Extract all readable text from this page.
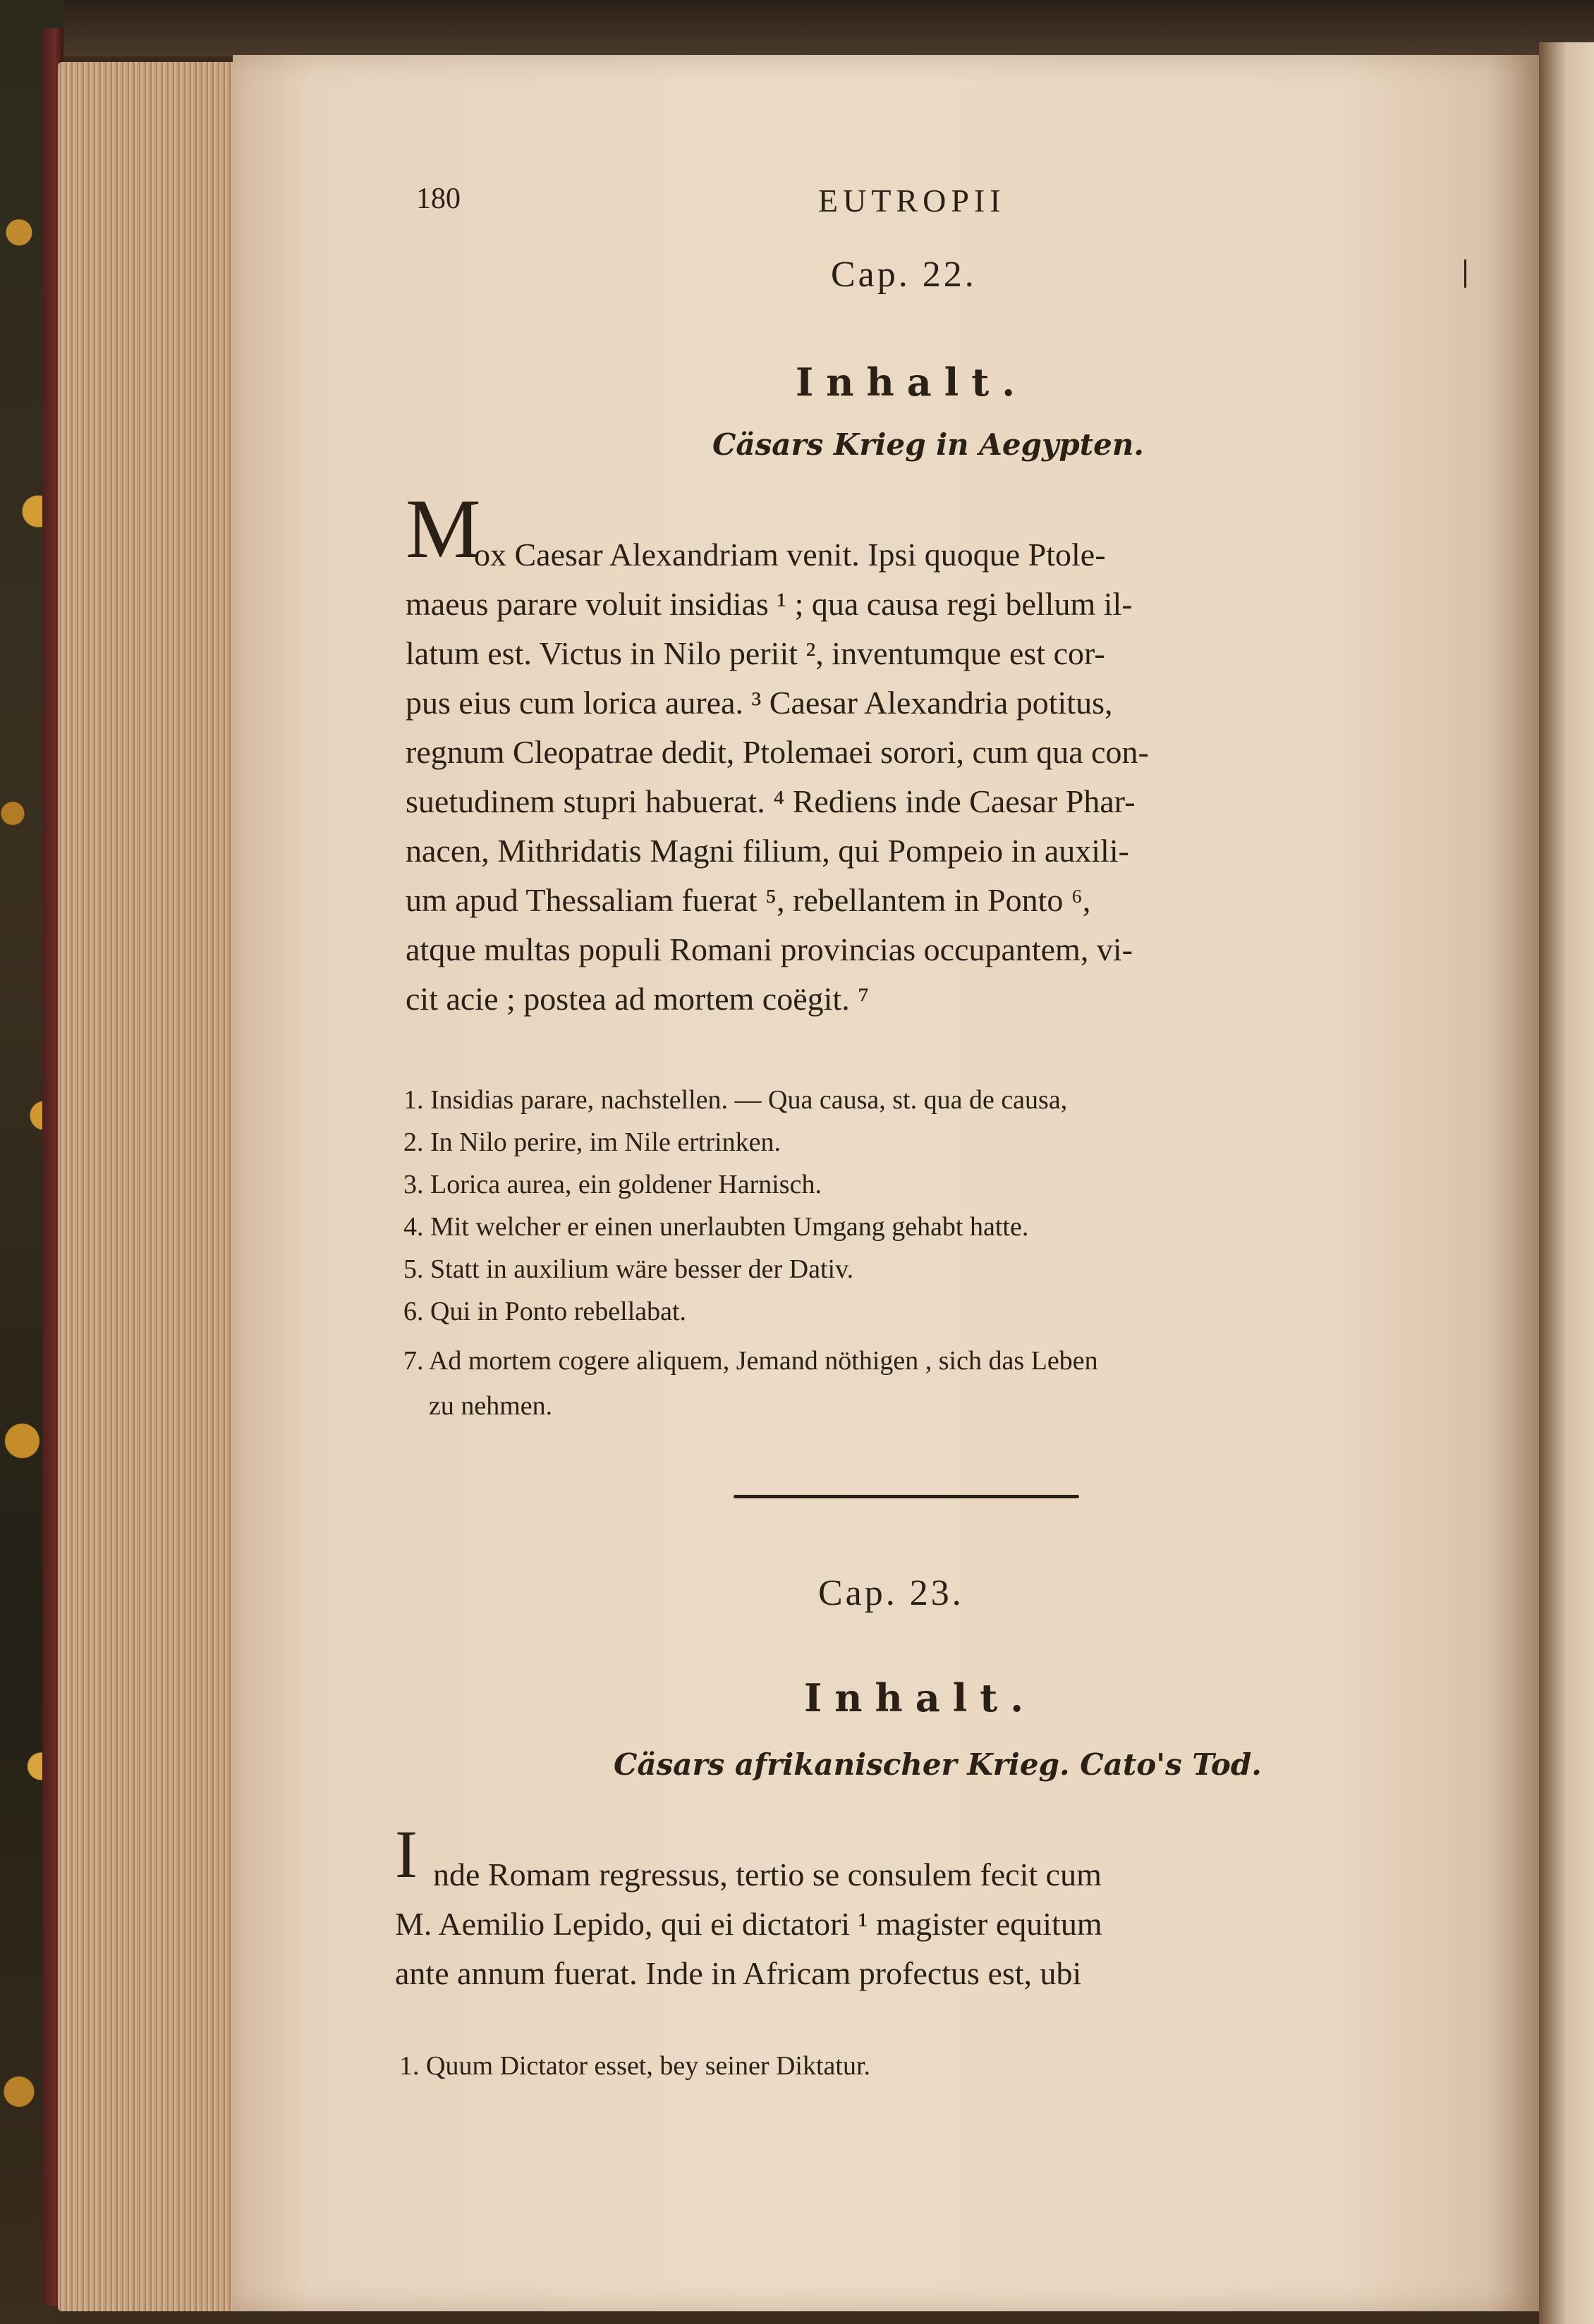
180	EUTROPII
Cap. 22.
Inhalt.
Cäsars Krieg in Aegypten.
M
ox Caesar Alexandriam venit. Ipsi quoque Ptole-
maeus parare voluit insidias ¹ ; qua causa regi bellum il-
latum est. Victus in Nilo periit ², inventumque est cor-
pus eius cum lorica aurea. ³ Caesar Alexandria potitus,
regnum Cleopatrae dedit, Ptolemaei sorori, cum qua con-
suetudinem stupri habuerat. ⁴ Rediens inde Caesar Phar-
nacen, Mithridatis Magni filium, qui Pompeio in auxili-
um apud Thessaliam fuerat ⁵, rebellantem in Ponto ⁶,
atque multas populi Romani provincias occupantem, vi-
cit acie ; postea ad mortem coëgit. ⁷
1. Insidias parare, nachstellen. — Qua causa, st. qua de causa,
2. In Nilo perire, im Nile ertrinken.
3. Lorica aurea, ein goldener Harnisch.
4. Mit welcher er einen unerlaubten Umgang gehabt hatte.
5. Statt in auxilium wäre besser der Dativ.
6. Qui in Ponto rebellabat.
7. Ad mortem cogere aliquem, Jemand nöthigen , sich das Leben
zu nehmen.
Cap. 23.
Inhalt.
Cäsars afrikanischer Krieg. Cato's Tod.
I nde Romam regressus, tertio se consulem fecit cum
M. Aemilio Lepido, qui ei dictatori ¹ magister equitum
ante annum fuerat. Inde in Africam profectus est, ubi
1. Quum Dictator esset, bey seiner Diktatur.
